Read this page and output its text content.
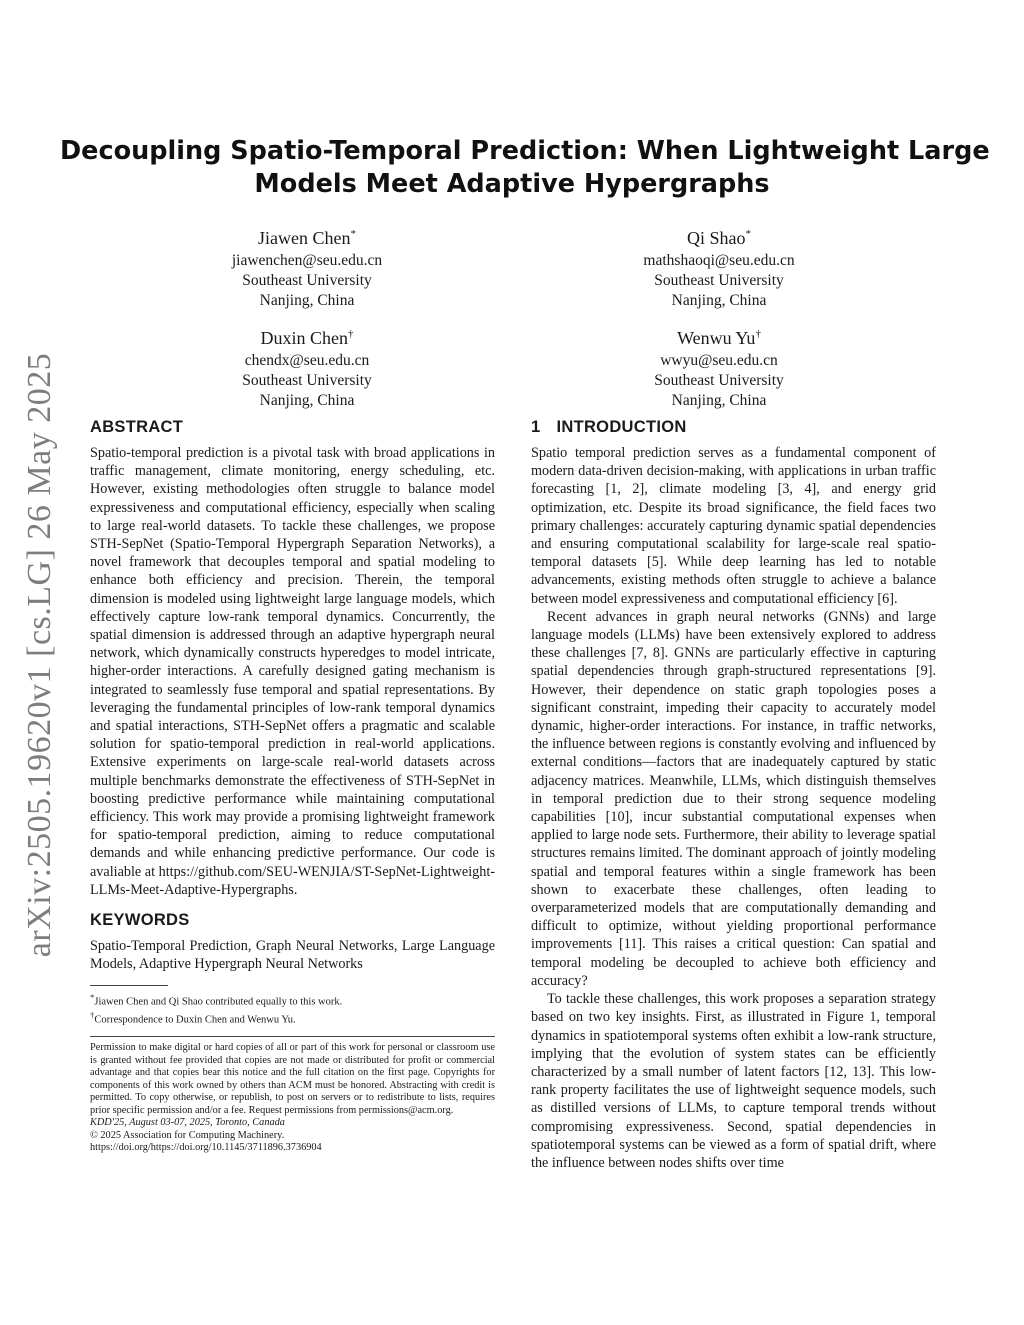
arXiv:2505.19620v1 [cs.LG] 26 May 2025
Decoupling Spatio-Temporal Prediction: When Lightweight Large
Models Meet Adaptive Hypergraphs
Jiawen Chen*
jiawenchen@seu.edu.cn
Southeast University
Nanjing, China
Qi Shao*
mathshaoqi@seu.edu.cn
Southeast University
Nanjing, China
Duxin Chen†
chendx@seu.edu.cn
Southeast University
Nanjing, China
Wenwu Yu†
wwyu@seu.edu.cn
Southeast University
Nanjing, China
ABSTRACT

Spatio-temporal prediction is a pivotal task with broad applications in traffic management, climate monitoring, energy scheduling, etc. However, existing methodologies often struggle to balance model expressiveness and computational efficiency, especially when scaling to large real-world datasets. To tackle these challenges, we propose STH-SepNet (Spatio-Temporal Hypergraph Separation Networks), a novel framework that decouples temporal and spatial modeling to enhance both efficiency and precision. Therein, the temporal dimension is modeled using lightweight large language models, which effectively capture low-rank temporal dynamics. Concurrently, the spatial dimension is addressed through an adaptive hypergraph neural network, which dynamically constructs hyperedges to model intricate, higher-order interactions. A carefully designed gating mechanism is integrated to seamlessly fuse temporal and spatial representations. By leveraging the fundamental principles of low-rank temporal dynamics and spatial interactions, STH-SepNet offers a pragmatic and scalable solution for spatio-temporal prediction in real-world applications. Extensive experiments on large-scale real-world datasets across multiple benchmarks demonstrate the effectiveness of STH-SepNet in boosting predictive performance while maintaining computational efficiency. This work may provide a promising lightweight framework for spatio-temporal prediction, aiming to reduce computational demands and while enhancing predictive performance. Our code is avaliable at https://github.com/SEU-WENJIA/ST-SepNet-Lightweight-LLMs-Meet-Adaptive-Hypergraphs.

KEYWORDS

Spatio-Temporal Prediction, Graph Neural Networks, Large Language Models, Adaptive Hypergraph Neural Networks

*Jiawen Chen and Qi Shao contributed equally to this work.
†Correspondence to Duxin Chen and Wenwu Yu.
Permission to make digital or hard copies of all or part of this work for personal or classroom use is granted without fee provided that copies are not made or distributed for profit or commercial advantage and that copies bear this notice and the full citation on the first page. Copyrights for components of this work owned by others than ACM must be honored. Abstracting with credit is permitted. To copy otherwise, or republish, to post on servers or to redistribute to lists, requires prior specific permission and/or a fee. Request permissions from permissions@acm.org.
KDD'25, August 03-07, 2025, Toronto, Canada
© 2025 Association for Computing Machinery.
https://doi.org/https://doi.org/10.1145/3711896.3736904
1 INTRODUCTION

Spatio temporal prediction serves as a fundamental component of modern data-driven decision-making, with applications in urban traffic forecasting [1, 2], climate modeling [3, 4], and energy grid optimization, etc. Despite its broad significance, the field faces two primary challenges: accurately capturing dynamic spatial dependencies and ensuring computational scalability for large-scale real spatio-temporal datasets [5]. While deep learning has led to notable advancements, existing methods often struggle to achieve a balance between model expressiveness and computational efficiency [6].

Recent advances in graph neural networks (GNNs) and large language models (LLMs) have been extensively explored to address these challenges [7, 8]. GNNs are particularly effective in capturing spatial dependencies through graph-structured representations [9]. However, their dependence on static graph topologies poses a significant constraint, impeding their capacity to accurately model dynamic, higher-order interactions. For instance, in traffic networks, the influence between regions is constantly evolving and influenced by external conditions—factors that are inadequately captured by static adjacency matrices. Meanwhile, LLMs, which distinguish themselves in temporal prediction due to their strong sequence modeling capabilities [10], incur substantial computational expenses when applied to large node sets. Furthermore, their ability to leverage spatial structures remains limited. The dominant approach of jointly modeling spatial and temporal features within a single framework has been shown to exacerbate these challenges, often leading to overparameterized models that are computationally demanding and difficult to optimize, without yielding proportional performance improvements [11]. This raises a critical question: Can spatial and temporal modeling be decoupled to achieve both efficiency and accuracy?

To tackle these challenges, this work proposes a separation strategy based on two key insights. First, as illustrated in Figure 1, temporal dynamics in spatiotemporal systems often exhibit a low-rank structure, implying that the evolution of system states can be efficiently characterized by a small number of latent factors [12, 13]. This low-rank property facilitates the use of lightweight sequence models, such as distilled versions of LLMs, to capture temporal trends without compromising expressiveness. Second, spatial dependencies in spatiotemporal systems can be viewed as a form of spatial drift, where the influence between nodes shifts over time
